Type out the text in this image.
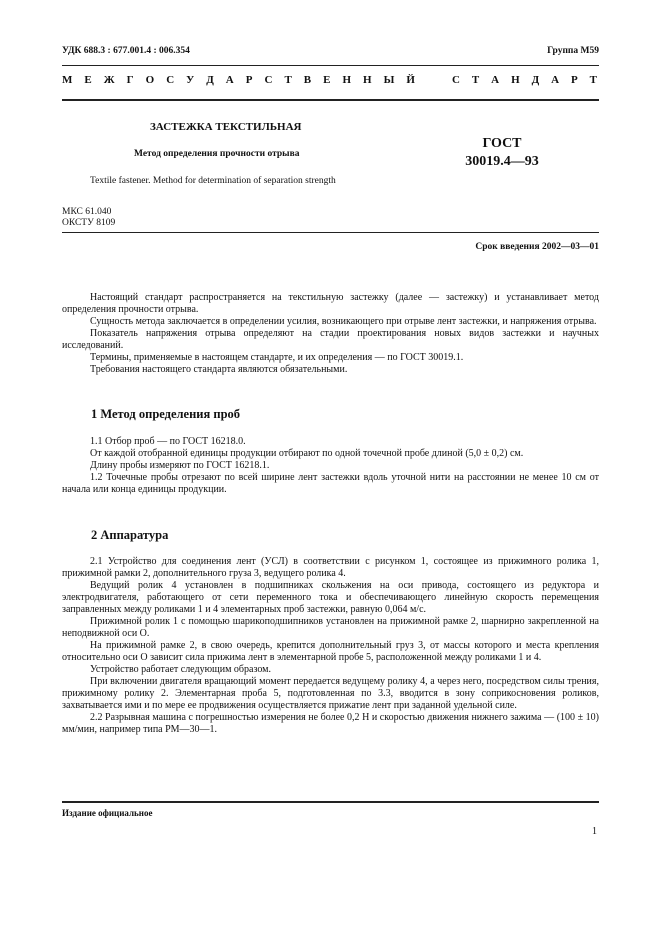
УДК 688.3 : 677.001.4 : 006.354	Группа М59
М Е Ж Г О С У Д А Р С Т В Е Н Н Ы Й	С Т А Н Д А Р Т
ЗАСТЕЖКА ТЕКСТИЛЬНАЯ
Метод определения прочности отрыва
ГОСТ
30019.4—93
Textile fastener. Method for determination of separation strength
МКС 61.040
ОКСТУ 8109
Срок введения 2002—03—01

Настоящий стандарт распространяется на текстильную застежку (далее — застежку) и устанавливает метод определения прочности отрыва.

Сущность метода заключается в определении усилия, возникающего при отрыве лент застежки, и напряжения отрыва.

Показатель напряжения отрыва определяют на стадии проектирования новых видов застежки и научных исследований.

Термины, применяемые в настоящем стандарте, и их определения — по ГОСТ 30019.1.

Требования настоящего стандарта являются обязательными.

1 Метод определения проб

1.1 Отбор проб — по ГОСТ 16218.0.

От каждой отобранной единицы продукции отбирают по одной точечной пробе длиной (5,0 ± 0,2) см.

Длину пробы измеряют по ГОСТ 16218.1.

1.2 Точечные пробы отрезают по всей ширине лент застежки вдоль уточной нити на расстоянии не менее 10 см от начала или конца единицы продукции.

2 Аппаратура

2.1 Устройство для соединения лент (УСЛ) в соответствии с рисунком 1, состоящее из прижимного ролика 1, прижимной рамки 2, дополнительного груза 3, ведущего ролика 4.

Ведущий ролик 4 установлен в подшипниках скольжения на оси привода, состоящего из редуктора и электродвигателя, работающего от сети переменного тока и обеспечивающего линейную скорость перемещения заправленных между роликами 1 и 4 элементарных проб застежки, равную 0,064 м/с.

Прижимной ролик 1 с помощью шарикоподшипников установлен на прижимной рамке 2, шарнирно закрепленной на неподвижной оси О.

На прижимной рамке 2, в свою очередь, крепится дополнительный груз 3, от массы которого и места крепления относительно оси О зависит сила прижима лент в элементарной пробе 5, расположенной между роликами 1 и 4.

Устройство работает следующим образом.

При включении двигателя вращающий момент передается ведущему ролику 4, а через него, посредством силы трения, прижимному ролику 2. Элементарная проба 5, подготовленная по 3.3, вводится в зону соприкосновения роликов, захватывается ими и по мере ее продвижения осуществляется прижатие лент при заданной удельной силе.

2.2 Разрывная машина с погрешностью измерения не более 0,2 Н и скоростью движения нижнего зажима — (100 ± 10) мм/мин, например типа РМ—30—1.

Издание официальное
1
